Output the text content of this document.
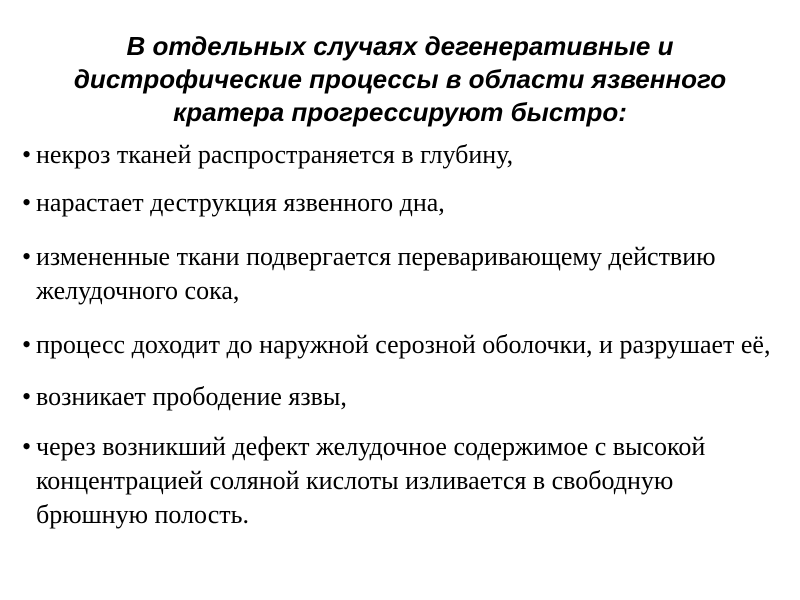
В отдельных случаях дегенеративные и дистрофические процессы в области язвенного кратера прогрессируют быстро:
• некроз тканей распространяется в глубину,
• нарастает деструкция язвенного дна,
• измененные ткани подвергается переваривающему действию желудочного сока,
• процесс доходит до наружной серозной оболочки, и разрушает её,
• возникает прободение язвы,
• через возникший дефект желудочное содержимое с высокой концентрацией соляной кислоты изливается в свободную брюшную полость.
